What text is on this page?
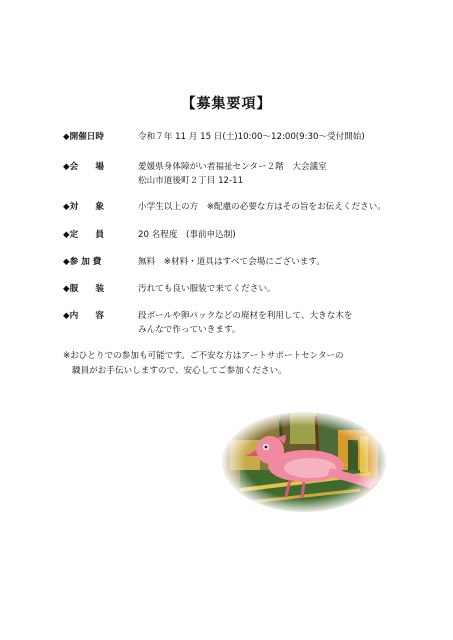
【募集要項】
◆開催日時	令和７年 11 月 15 日(土)10:00～12:00(9:30～受付開始)
◆会　　場	愛媛県身体障がい者福祉センター２階　大会議室
松山市道後町２丁目 12-11
◆対　　象	小学生以上の方　※配慮の必要な方はその旨をお伝えください。
◆定　　員	20 名程度　(事前申込制)
◆参 加 費	無料　※材料・道具はすべて会場にございます。
◆服　　装	汚れても良い服装で来てください。
◆内　　容	段ボールや卵パックなどの廃材を利用して、大きな木を
みんなで作っていきます。
※おひとりでの参加も可能です。ご不安な方はアートサポートセンターの
職員がお手伝いしますので、安心してご参加ください。
